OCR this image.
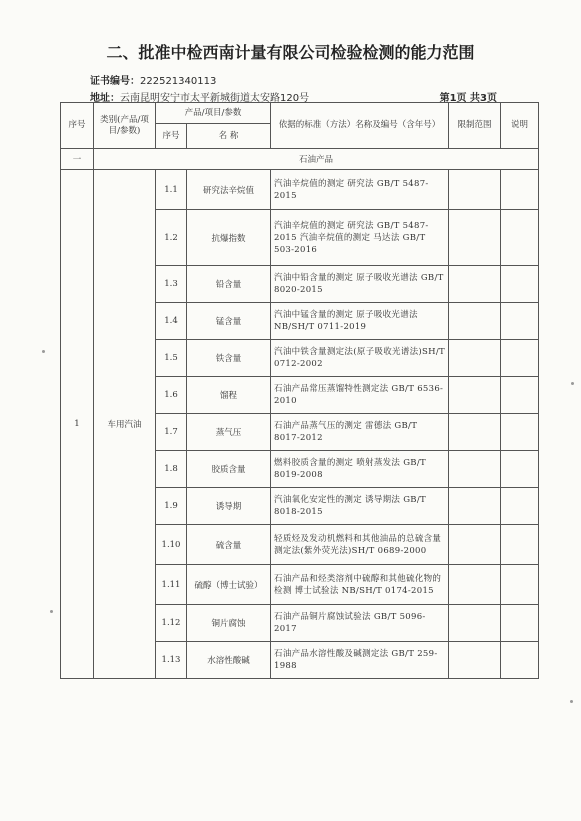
二、批准中检西南计量有限公司检验检测的能力范围
证书编号：222521340113
地址：云南昆明安宁市太平新城街道太安路120号	第1页 共3页
序号	类别(产品/项目/参数)	产品/项目/参数		依据的标准（方法）名称及编号（含年号）	限制范围	说明
		序号	名 称			
一	石油产品					
1	车用汽油	1.1	研究法辛烷值	汽油辛烷值的测定 研究法 GB/T 5487-2015		
		1.2	抗爆指数	汽油辛烷值的测定 研究法 GB/T 5487-2015 汽油辛烷值的测定 马达法 GB/T 503-2016		
		1.3	铅含量	汽油中铅含量的测定 原子吸收光谱法 GB/T 8020-2015		
		1.4	锰含量	汽油中锰含量的测定 原子吸收光谱法 NB/SH/T 0711-2019		
		1.5	铁含量	汽油中铁含量测定法(原子吸收光谱法)SH/T 0712-2002		
		1.6	馏程	石油产品常压蒸馏特性测定法 GB/T 6536-2010		
		1.7	蒸气压	石油产品蒸气压的测定 雷德法 GB/T 8017-2012		
		1.8	胶质含量	燃料胶质含量的测定 喷射蒸发法 GB/T 8019-2008		
		1.9	诱导期	汽油氧化安定性的测定 诱导期法 GB/T 8018-2015		
		1.10	硫含量	轻质烃及发动机燃料和其他油品的总硫含量测定法(紫外荧光法)SH/T 0689-2000		
		1.11	硫醇（博士试验）	石油产品和烃类溶剂中硫醇和其他硫化物的检测 博士试验法 NB/SH/T 0174-2015		
		1.12	铜片腐蚀	石油产品铜片腐蚀试验法 GB/T 5096-2017		
		1.13	水溶性酸碱	石油产品水溶性酸及碱测定法 GB/T 259-1988		
